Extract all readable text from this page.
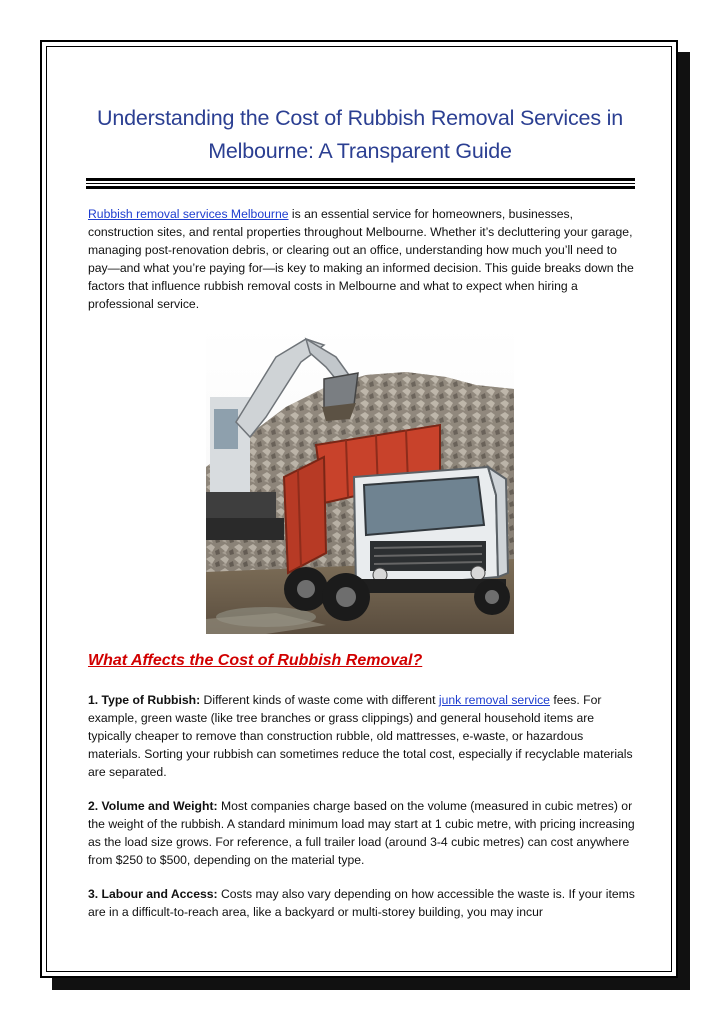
Understanding the Cost of Rubbish Removal Services in
Melbourne: A Transparent Guide
Rubbish removal services Melbourne is an essential service for homeowners, businesses, construction sites, and rental properties throughout Melbourne. Whether it’s decluttering your garage, managing post-renovation debris, or clearing out an office, understanding how much you’ll need to pay—and what you’re paying for—is key to making an informed decision. This guide breaks down the factors that influence rubbish removal costs in Melbourne and what to expect when hiring a professional service.
What Affects the Cost of Rubbish Removal?
1. Type of Rubbish: Different kinds of waste come with different junk removal service fees. For example, green waste (like tree branches or grass clippings) and general household items are typically cheaper to remove than construction rubble, old mattresses, e-waste, or hazardous materials. Sorting your rubbish can sometimes reduce the total cost, especially if recyclable materials are separated.
2. Volume and Weight: Most companies charge based on the volume (measured in cubic metres) or the weight of the rubbish. A standard minimum load may start at 1 cubic metre, with pricing increasing as the load size grows. For reference, a full trailer load (around 3-4 cubic metres) can cost anywhere from $250 to $500, depending on the material type.
3. Labour and Access: Costs may also vary depending on how accessible the waste is. If your items are in a difficult-to-reach area, like a backyard or multi-storey building, you may incur
